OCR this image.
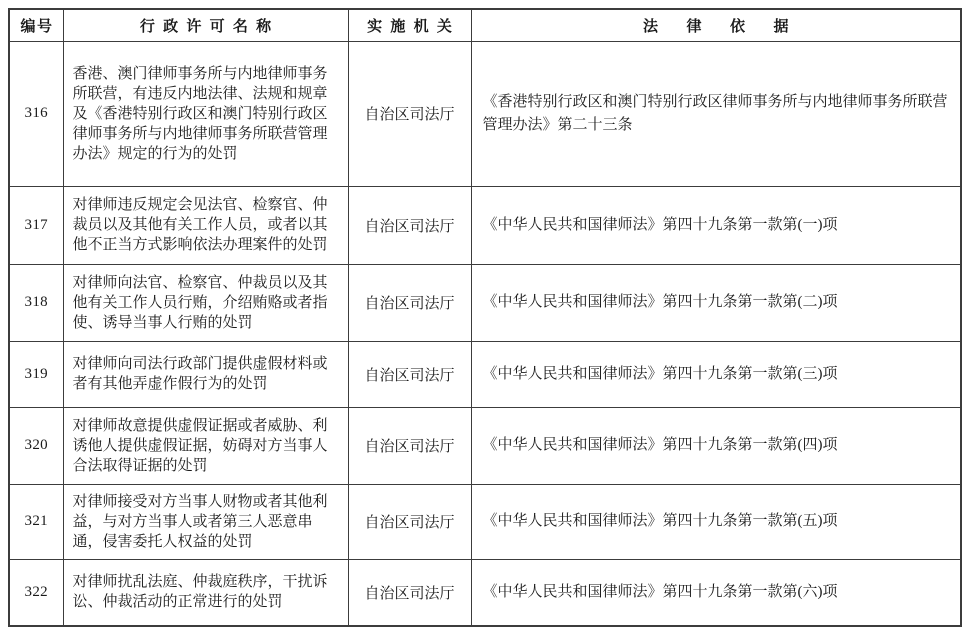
编号	行政许可名称	实施机关	法律依据
316	香港、澳门律师事务所与内地律师事务所联营，有违反内地法律、法规和规章及《香港特别行政区和澳门特别行政区律师事务所与内地律师事务所联营管理办法》规定的行为的处罚	自治区司法厅	《香港特别行政区和澳门特别行政区律师事务所与内地律师事务所联营管理办法》第二十三条
317	对律师违反规定会见法官、检察官、仲裁员以及其他有关工作人员，或者以其他不正当方式影响依法办理案件的处罚	自治区司法厅	《中华人民共和国律师法》第四十九条第一款第(一)项
318	对律师向法官、检察官、仲裁员以及其他有关工作人员行贿，介绍贿赂或者指使、诱导当事人行贿的处罚	自治区司法厅	《中华人民共和国律师法》第四十九条第一款第(二)项
319	对律师向司法行政部门提供虚假材料或者有其他弄虚作假行为的处罚	自治区司法厅	《中华人民共和国律师法》第四十九条第一款第(三)项
320	对律师故意提供虚假证据或者威胁、利诱他人提供虚假证据，妨碍对方当事人合法取得证据的处罚	自治区司法厅	《中华人民共和国律师法》第四十九条第一款第(四)项
321	对律师接受对方当事人财物或者其他利益，与对方当事人或者第三人恶意串通，侵害委托人权益的处罚	自治区司法厅	《中华人民共和国律师法》第四十九条第一款第(五)项
322	对律师扰乱法庭、仲裁庭秩序，干扰诉讼、仲裁活动的正常进行的处罚	自治区司法厅	《中华人民共和国律师法》第四十九条第一款第(六)项
